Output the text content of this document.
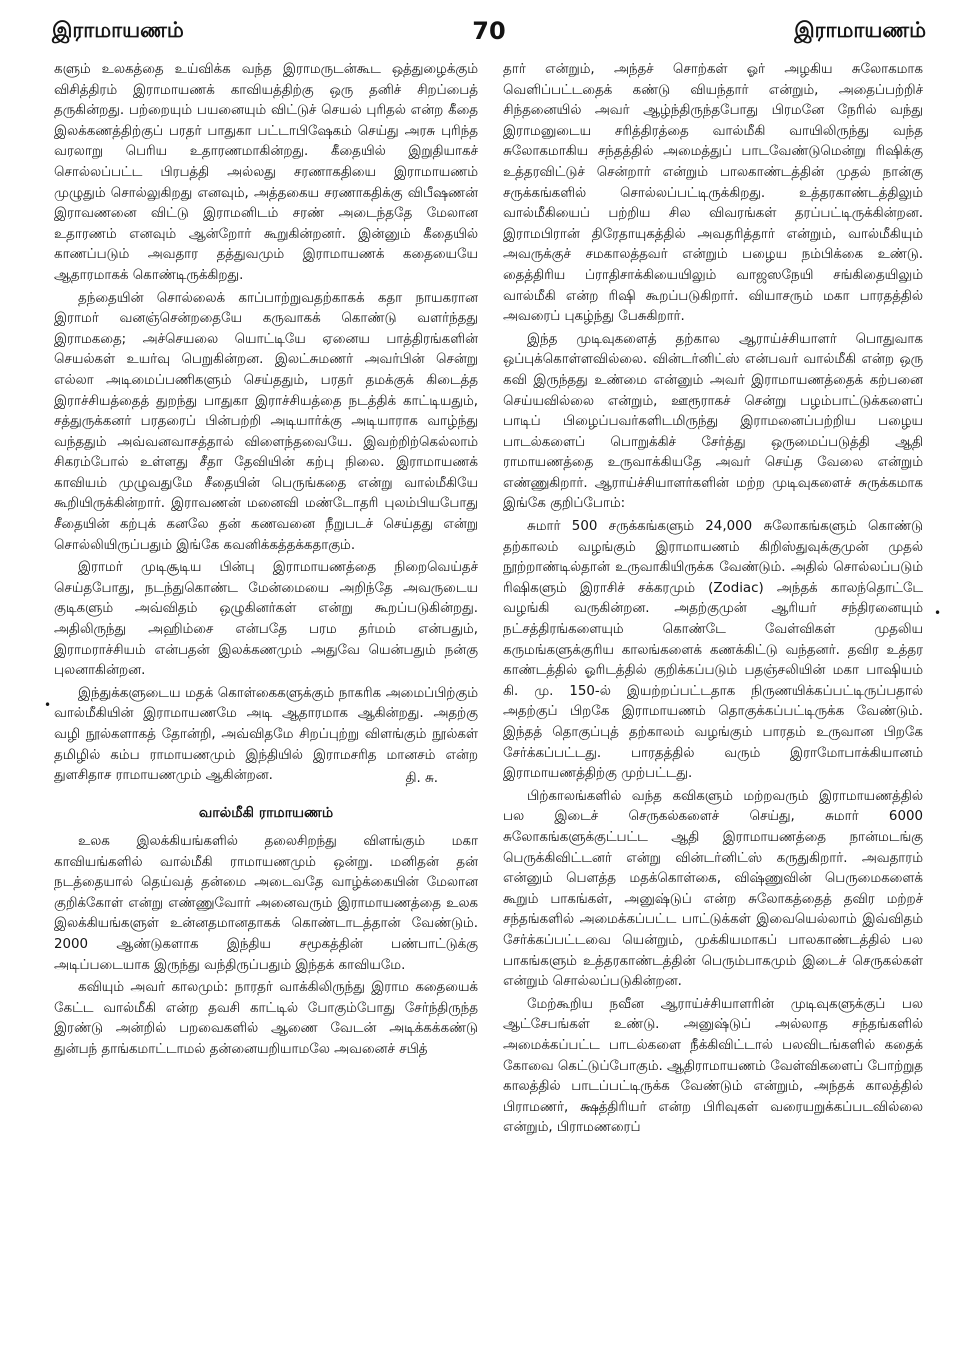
இராமாயணம்	70	இராமாயணம்

களும் உலகத்தை உய்விக்க வந்த இராமருடன்கூட ஒத்துழைக்கும் விசித்திரம் இராமாயணக் காவியத்திற்கு ஒரு தனிச் சிறப்பைத் தருகின்றது. பற்றையும் பயனையும் விட்டுச் செயல் புரிதல் என்ற கீதை இலக்கணத்திற்குப் பரதர் பாதுகா பட்டாபிஷேகம் செய்து அரசு புரிந்த வரலாறு பெரிய உதாரணமாகின்றது. கீதையில் இறுதியாகச் சொல்லப்பட்ட பிரபத்தி அல்லது சரணாகதியை இராமாயணம் முழுதும் சொல்லுகிறது எனவும், அத்தகைய சரணாகதிக்கு விபீஷணன் இராவணனை விட்டு இராமனிடம் சரண் அடைந்ததே மேலான உதாரணம் எனவும் ஆன்றோர் கூறுகின்றனர். இன்னும் கீதையில் காணப்படும் அவதார தத்துவமும் இராமாயணக் கதையையே ஆதாரமாகக் கொண்டிருக்கிறது.

தந்தையின் சொல்லைக் காப்பாற்றுவதற்காகக் கதா நாயகரான இராமர் வனஞ்சென்றதையே கருவாகக் கொண்டு வளர்ந்தது இராமகதை; அச்செயலை யொட்டியே ஏனைய பாத்திரங்களின் செயல்கள் உயர்வு பெறுகின்றன. இலட்சுமணர் அவர்பின் சென்று எல்லா அடிமைப்பணிகளும் செய்ததும், பரதர் தமக்குக் கிடைத்த இராச்சியத்தைத் துறந்து பாதுகா இராச்சியத்தை நடத்திக் காட்டியதும், சத்துருக்கனர் பரதரைப் பின்பற்றி அடியார்க்கு அடியாராக வாழ்ந்து வந்ததும் அவ்வனவாசத்தால் விளைந்தவையே. இவற்றிற்கெல்லாம் சிகரம்போல் உள்ளது சீதா தேவியின் கற்பு நிலை. இராமாயணக் காவியம் முழுவதுமே சீதையின் பெருங்கதை என்று வால்மீகியே கூறியிருக்கின்றார். இராவணன் மனைவி மண்டோதரி புலம்பியபோது சீதையின் கற்புக் கனலே தன் கணவனை நீறுபடச் செய்தது என்று சொல்லியிருப்பதும் இங்கே கவனிக்கத்தக்கதாகும்.

இராமர் முடிசூடிய பின்பு இராமாயணத்தை நிறைவெய்தச் செய்தபோது, நடந்துகொண்ட மேன்மையை அறிந்தே அவருடைய குடிகளும் அவ்விதம் ஒழுகினர்கள் என்று கூறப்படுகின்றது. அதிலிருந்து அஹிம்சை என்பதே பரம தர்மம் என்பதும், இராமராச்சியம் என்பதன் இலக்கணமும் அதுவே யென்பதும் நன்கு புலனாகின்றன.

இந்துக்களுடைய மதக் கொள்கைகளுக்கும் நாகரிக அமைப்பிற்கும் வால்மீகியின் இராமாயணமே அடி ஆதாரமாக ஆகின்றது. அதற்கு வழி நூல்களாகத் தோன்றி, அவ்விதமே சிறப்புற்று விளங்கும் நூல்கள் தமிழில் கம்ப ராமாயணமும் இந்தியில் இராமசரித மானசம் என்ற துளசிதாச ராமாயணமும் ஆகின்றன.	தி. சு.
வால்மீகி ராமாயணம்

உலக இலக்கியங்களில் தலைசிறந்து விளங்கும் மகா காவியங்களில் வால்மீகி ராமாயணமும் ஒன்று. மனிதன் தன் நடத்தையால் தெய்வத் தன்மை அடைவதே வாழ்க்கையின் மேலான குறிக்கோள் என்று எண்ணுவோர் அனைவரும் இராமாயணத்தை உலக இலக்கியங்களுள் உன்னதமானதாகக் கொண்டாடத்தான் வேண்டும். 2000 ஆண்டுகளாக இந்திய சமூகத்தின் பண்பாட்டுக்கு அடிப்படையாக இருந்து வந்திருப்பதும் இந்தக் காவியமே.

கவியும் அவர் காலமும்: நாரதர் வாக்கிலிருந்து இராம கதையைக் கேட்ட வால்மீகி என்ற தவசி காட்டில் போகும்போது சேர்ந்திருந்த இரண்டு அன்றில் பறவைகளில் ஆணை வேடன் அடிக்கக்கண்டு துன்பந் தாங்கமாட்டாமல் தன்னையறியாமலே அவனைச் சபித்

தார் என்றும், அந்தச் சொற்கள் ஓர் அழகிய சுலோகமாக வெளிப்பட்டதைக் கண்டு வியந்தார் என்றும், அதைப்பற்றிச் சிந்தனையில் அவர் ஆழ்ந்திருந்தபோது பிரமனே நேரில் வந்து இராமனுடைய சரித்திரத்தை வால்மீகி வாயிலிருந்து வந்த சுலோகமாகிய சந்தத்தில் அமைத்துப் பாடவேண்டுமென்று ரிஷிக்கு உத்தரவிட்டுச் சென்றார் என்றும் பாலகாண்டத்தின் முதல் நான்கு சருக்கங்களில் சொல்லப்பட்டிருக்கிறது. உத்தரகாண்டத்திலும் வால்மீகியைப் பற்றிய சில விவரங்கள் தரப்பட்டிருக்கின்றன. இராமபிரான் திரேதாயுகத்தில் அவதரித்தார் என்றும், வால்மீகியும் அவருக்குச் சமகாலத்தவர் என்றும் பழைய நம்பிக்கை உண்டு. தைத்திரிய ப்ராதிசாக்கியையிலும் வாஜஸநேயி சங்கிதையிலும் வால்மீகி என்ற ரிஷி கூறப்படுகிறார். வியாசரும் மகா பாரதத்தில் அவரைப் புகழ்ந்து பேசுகிறார்.

இந்த முடிவுகளைத் தற்கால ஆராய்ச்சியாளர் பொதுவாக ஒப்புக்கொள்ளவில்லை. வின்டர்னிட்ஸ் என்பவர் வால்மீகி என்ற ஒரு கவி இருந்தது உண்மை என்னும் அவர் இராமாயணத்தைக் கற்பனை செய்யவில்லை என்றும், ஊரூராகச் சென்று பழம்பாட்டுக்களைப் பாடிப் பிழைப்பவர்களிடமிருந்து இராமனைப்பற்றிய பழைய பாடல்களைப் பொறுக்கிச் சேர்த்து ஒருமைப்படுத்தி ஆதி ராமாயணத்தை உருவாக்கியதே அவர் செய்த வேலை என்றும் எண்ணுகிறார். ஆராய்ச்சியாளர்களின் மற்ற முடிவுகளைச் சுருக்கமாக இங்கே குறிப்போம்:

சுமார் 500 சருக்கங்களும் 24,000 சுலோகங்களும் கொண்டு தற்காலம் வழங்கும் இராமாயணம் கிறிஸ்துவுக்குமுன் முதல் நூற்றாண்டில்தான் உருவாகியிருக்க வேண்டும். அதில் சொல்லப்படும் ரிஷிகளும் இராசிச் சக்கரமும் (Zodiac) அந்தக் காலந்தொட்டே வழங்கி வருகின்றன. அதற்குமுன் ஆரியர் சந்திரனையும் நட்சத்திரங்களையும் கொண்டே வேள்விகள் முதலிய கருமங்களுக்குரிய காலங்களைக் கணக்கிட்டு வந்தனர். தவிர உத்தர காண்டத்தில் ஓரிடத்தில் குறிக்கப்படும் பதஞ்சலியின் மகா பாஷியம் கி. மு. 150-ல் இயற்றப்பட்டதாக நிருணயிக்கப்பட்டிருப்பதால் அதற்குப் பிறகே இராமாயணம் தொகுக்கப்பட்டிருக்க வேண்டும். இந்தத் தொகுப்புத் தற்காலம் வழங்கும் பாரதம் உருவான பிறகே சேர்க்கப்பட்டது. பாரதத்தில் வரும் இராமோபாக்கியானம் இராமாயணத்திற்கு முற்பட்டது.

பிற்காலங்களில் வந்த கவிகளும் மற்றவரும் இராமாயணத்தில் பல இடைச் செருகல்களைச் செய்து, சுமார் 6000 சுலோகங்களுக்குட்பட்ட ஆதி இராமாயணத்தை நான்மடங்கு பெருக்கிவிட்டனர் என்று வின்டர்னிட்ஸ் கருதுகிறார். அவதாரம் என்னும் பௌத்த மதக்கொள்கை, விஷ்ணுவின் பெருமைகளைக் கூறும் பாகங்கள், அனுஷ்டுப் என்ற சுலோகத்தைத் தவிர மற்றச் சந்தங்களில் அமைக்கப்பட்ட பாட்டுக்கள் இவையெல்லாம் இவ்விதம் சேர்க்கப்பட்டவை யென்றும், முக்கியமாகப் பாலகாண்டத்தில் பல பாகங்களும் உத்தரகாண்டத்தின் பெரும்பாகமும் இடைச் செருகல்கள் என்றும் சொல்லப்படுகின்றன.

மேற்கூறிய நவீன ஆராய்ச்சியாளரின் முடிவுகளுக்குப் பல ஆட்சேபங்கள் உண்டு. அனுஷ்டுப் அல்லாத சந்தங்களில் அமைக்கப்பட்ட பாடல்களை நீக்கிவிட்டால் பலவிடங்களில் கதைக் கோவை கெட்டுப்போகும். ஆதிராமாயணம் வேள்விகளைப் போற்றுத காலத்தில் பாடப்பட்டிருக்க வேண்டும் என்றும், அந்தக் காலத்தில் பிராமணர், க்ஷத்திரியர் என்ற பிரிவுகள் வரையறுக்கப்படவில்லை என்றும், பிராமணரைப்

•
•
